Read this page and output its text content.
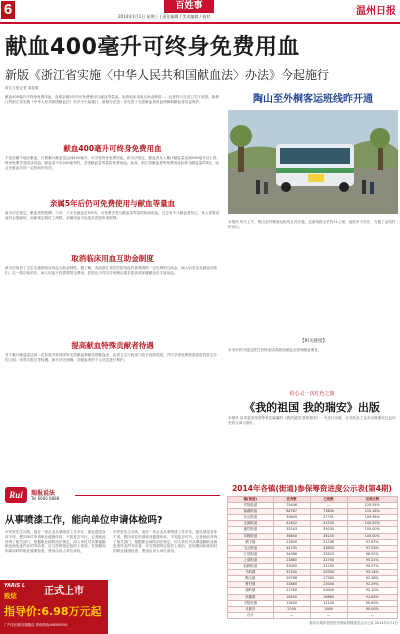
6	百姓事
2014年1月1日 星期三 | 责任编辑 / 美术编辑 / 校对	温州日报
献血400毫升可终身免费用血
新版《浙江省实施〈中华人民共和国献血法〉办法》今起施行
浙江日报记者 周显明
献血400毫升可终身免费用血，直系亲属5年内可免费使用与献血等量血。取消临床用血互助金制度……记者昨天从省卫生厅获悉，新修订的浙江省实施《中华人民共和国献血法》办法今天起施行，新版办法进一步完善了无偿献血者用血保障和献血者权益保护。
献血400毫升可终身免费用血
不论在哪个地区献血，只要累计献血量达到400毫升，可享受终身免费用血。新办法规定，献血者本人累计献血量达到400毫升以上的，终身免费享受临床用血；献血量不足400毫升的，享受献血量等量的免费用血。此前，浙江省献血者的免费用血标准为献血量的3倍，而且在献血后的一定时间内有效。
亲属5年后仍可免费使用与献血等量血
新办法还规定，献血者的配偶、父母、子女在献血后5年内，可免费享受与献血量等量的临床用血。过去有不少献血者担心，家人需要用血时会很麻烦，而新规定简化了流程，亲属用血可直接在医院申请报销。
取消临床用血互助金制度
新办法取消了过去实施的临床用血互助金制度。据了解，此前浙江省在医院用血时需要缴纳一定比例的互助金，病人如有亲友献血可抵扣。这一做法取消后，病人用血不再需要预交费用，医院也不得以任何理由要求患者或家属献血后才能用血。
提高献血特殊贡献者待遇
对于累计献血量达到一定标准并获得国家无偿献血奉献奖的献血者，由省卫生行政部门给予表彰奖励，并可享受免费游览政府投资主办的公园、风景名胜区等待遇。新办法还明确，对献血者的个人信息进行保护。
陶山至外桐客运班线昨开通
本报讯 昨天上午，陶山至外桐客运班线正式开通，这条线路全长约11公里，途经多个村庄，方便了沿线村民出行。
【相关链接】
本市市民可通过拨打热线电话或到各献血点咨询献血事宜。
给心灵一次红色之旅
《我的祖国 我的瑞安》出版
本报讯 由市委宣传部等单位编纂的《我的祖国 我的瑞安》一书近日出版，全书收录了众多反映瑞安红色历史的文章与图片。
2014年各镇(街道)参保筹资进度公示表(第4期)
镇(街道)	任务数	已收数	完成比例
安阳街道	75406	—	125.55%
锦湖街道	84787	73830	115.16%
东山街道	30649	27791	109.58%
玉海街道	41602	41530	100.00%
潘岱街道	35243	35030	100.00%
莘塍街道	36840	36140	100.00%
塘下镇	21800	21336	97.87%
飞云街道	44705	43600	97.53%
汀田街道	34586	33520	96.92%
上望街道	23880	22740	95.22%
仙降街道	33045	31250	94.57%
马屿镇	31500	29340	93.14%
陶山镇	29768	27560	92.58%
曹村镇	23880	22040	92.29%
湖岭镇	21760	20040	92.10%
高楼镇	18400	16860	91.63%
平阳坑镇	13400	12140	90.60%
北麂乡	2200	1980	90.00%
合计	—	—	—
瑞安市城乡居民医疗保险管理委员会办公室 2014年1月1日
Rui bao
瑞报说法
Tel 6666 6888
从事喷漆工作，能向单位申请体检吗?
市民张先生反映，他在一家企业从事喷漆工作多年，最近感觉身体不适，想向单位申请职业健康体检，不知是否可行。记者就此咨询了相关部门，根据职业病防治法规定，用人单位对从事接触职业病危害作业的劳动者，应当按照规定组织上岗前、在岗期间和离岗时的职业健康检查，费用由用人单位承担。
市民张先生反映，他在一家企业从事喷漆工作多年，最近感觉身体不适，想向单位申请职业健康体检，不知是否可行。记者就此咨询了相关部门，根据职业病防治法规定，用人单位对从事接触职业病危害作业的劳动者，应当按照规定组织上岗前、在岗期间和离岗时的职业健康检查，费用由用人单位承担。
YARiS L
致炫	正式上市
指导价:6.98万元起
广汽丰田瑞安瑞隆店 咨询热线:66005555
